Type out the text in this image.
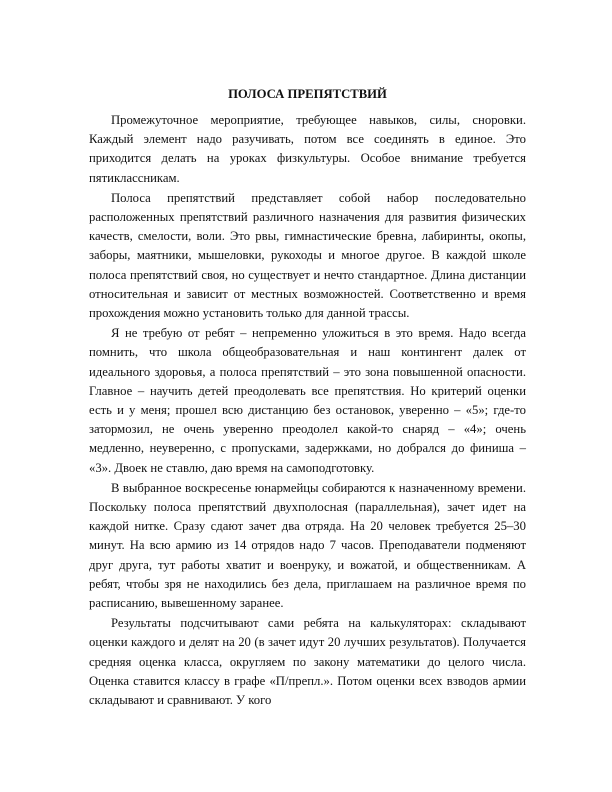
ПОЛОСА ПРЕПЯТСТВИЙ

Промежуточное мероприятие, требующее навыков, силы, сноровки. Каждый элемент надо разучивать, потом все соединять в единое. Это приходится делать на уроках физкультуры. Особое внимание требуется пятиклассникам.

Полоса препятствий представляет собой набор последовательно расположенных препятствий различного назначения для развития физических качеств, смелости, воли. Это рвы, гимнастические бревна, лабиринты, окопы, заборы, маятники, мышеловки, рукоходы и многое другое. В каждой школе полоса препятствий своя, но существует и нечто стандартное. Длина дистанции относительная и зависит от местных возможностей. Соответственно и время прохождения можно установить только для данной трассы.

Я не требую от ребят – непременно уложиться в это время. Надо всегда помнить, что школа общеобразовательная и наш контингент далек от идеального здоровья, а полоса препятствий – это зона повышенной опасности. Главное – научить детей преодолевать все препятствия. Но критерий оценки есть и у меня; прошел всю дистанцию без остановок, уверенно – «5»; где-то затормозил, не очень уверенно преодолел какой-то снаряд – «4»; очень медленно, неуверенно, с пропусками, задержками, но добрался до финиша – «3». Двоек не ставлю, даю время на самоподготовку.

В выбранное воскресенье юнармейцы собираются к назначенному времени. Поскольку полоса препятствий двухполосная (параллельная), зачет идет на каждой нитке. Сразу сдают зачет два отряда. На 20 человек требуется 25–30 минут. На всю армию из 14 отрядов надо 7 часов. Преподаватели подменяют друг друга, тут работы хватит и военруку, и вожатой, и общественникам. А ребят, чтобы зря не находились без дела, приглашаем на различное время по расписанию, вывешенному заранее.

Результаты подсчитывают сами ребята на калькуляторах: складывают оценки каждого и делят на 20 (в зачет идут 20 лучших результатов). Получается средняя оценка класса, округляем по закону математики до целого числа. Оценка ставится классу в графе «П/препл.». Потом оценки всех взводов армии складывают и сравнивают. У кого
